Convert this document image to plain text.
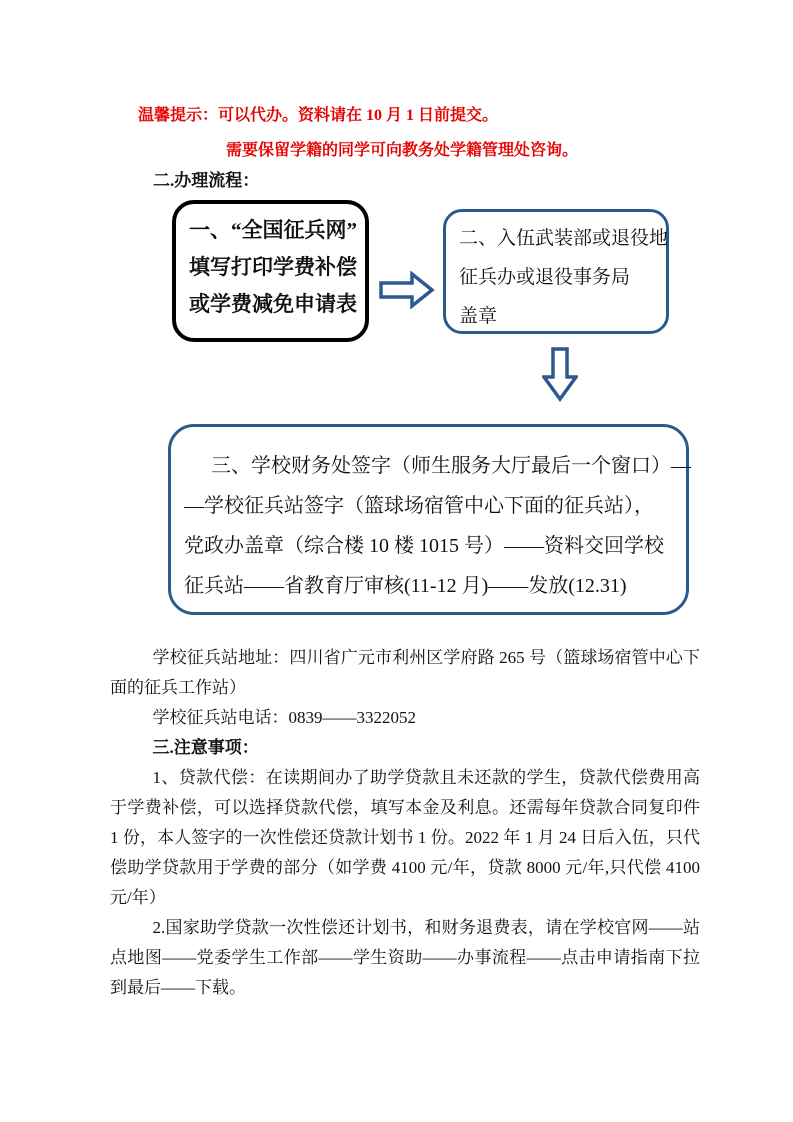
温馨提示：可以代办。资料请在 10 月 1 日前提交。
需要保留学籍的同学可向教务处学籍管理处咨询。
二.办理流程：
一、“全国征兵网”
填写打印学费补偿
或学费减免申请表
二、入伍武装部或退役地
征兵办或退役事务局
盖章
三、学校财务处签字（师生服务大厅最后一个窗口）—
—学校征兵站签字（篮球场宿管中心下面的征兵站），
党政办盖章（综合楼 10 楼 1015 号）——资料交回学校
征兵站——省教育厅审核(11-12 月)——发放(12.31)

学校征兵站地址：四川省广元市利州区学府路 265 号（篮球场宿管中心下面的征兵工作站）

学校征兵站电话：0839——3322052

三.注意事项：

1、贷款代偿：在读期间办了助学贷款且未还款的学生，贷款代偿费用高于学费补偿，可以选择贷款代偿，填写本金及利息。还需每年贷款合同复印件 1 份，本人签字的一次性偿还贷款计划书 1 份。2022 年 1 月 24 日后入伍，只代偿助学贷款用于学费的部分（如学费 4100 元/年，贷款 8000 元/年,只代偿 4100 元/年）

2.国家助学贷款一次性偿还计划书，和财务退费表，请在学校官网——站点地图——党委学生工作部——学生资助——办事流程——点击申请指南下拉到最后——下载。
